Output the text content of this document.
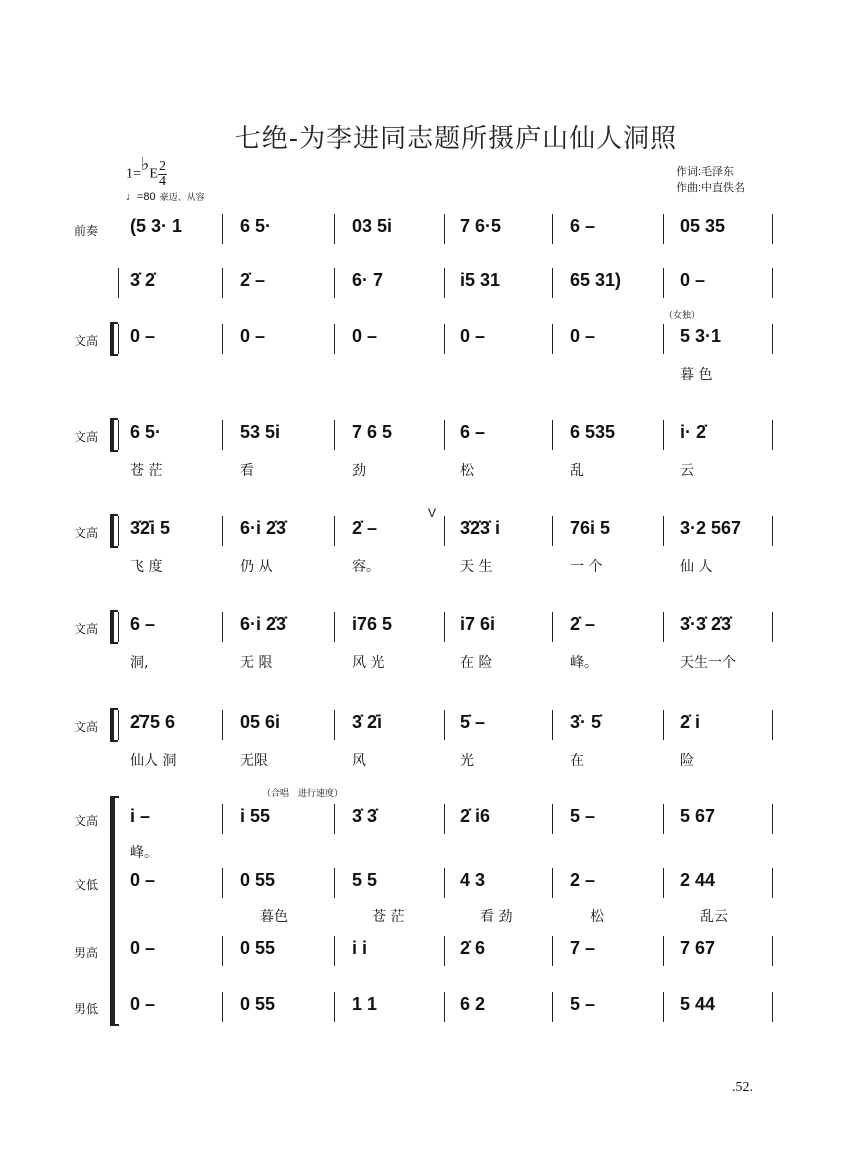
七绝-为李进同志题所摄庐山仙人洞照
1=♭E $\frac{2}{4}$
♩=80 豪迈、从容
作词:毛泽东
作曲:中直佚名
前奏 (5 3· 1	6 5·	03 5i	7 6·5	6 –	05 35
3̇ 2̇	2̇ –	6· 7	i5 31	65 31)	0 –
文高 0 –	0 –	0 –	0 –	0 –	5 3·1
暮 色
（女独）
文高 6 5·	53 5i	7 6 5	6 –	6 535	i· 2̇
苍 茫	看	劲	松	乱	云
文高 3̇2̇i 5	6·i 2̇3̇	2̇ –	3̇2̇3̇ i	76i 5	3·2 567
飞 度	仍 从	容。	天 生	一 个	仙 人
V
文高 6 –	6·i 2̇3̇	i76 5	i7 6i	2̇ –	3̇·3̇ 2̇3̇
洞,	无 限	风 光	在 险	峰。	天生一个
文高 2̇75 6	05 6i	3̇ 2̇i	5̇ –	3̇· 5̇	2̇ i
仙人 洞	无限	风	光	在	险
（合唱　进行速度）
文高 i –	i 55	3̇ 3̇	2̇ i6	5 –	5 67
峰。
文低 0 –	0 55	5 5	4 3	2 –	2 44
暮色	苍 茫	看 劲	松	乱云
男高 0 –	0 55	i i	2̇ 6	7 –	7 67
男低 0 –	0 55	1 1	6 2	5 –	5 44
.52.
